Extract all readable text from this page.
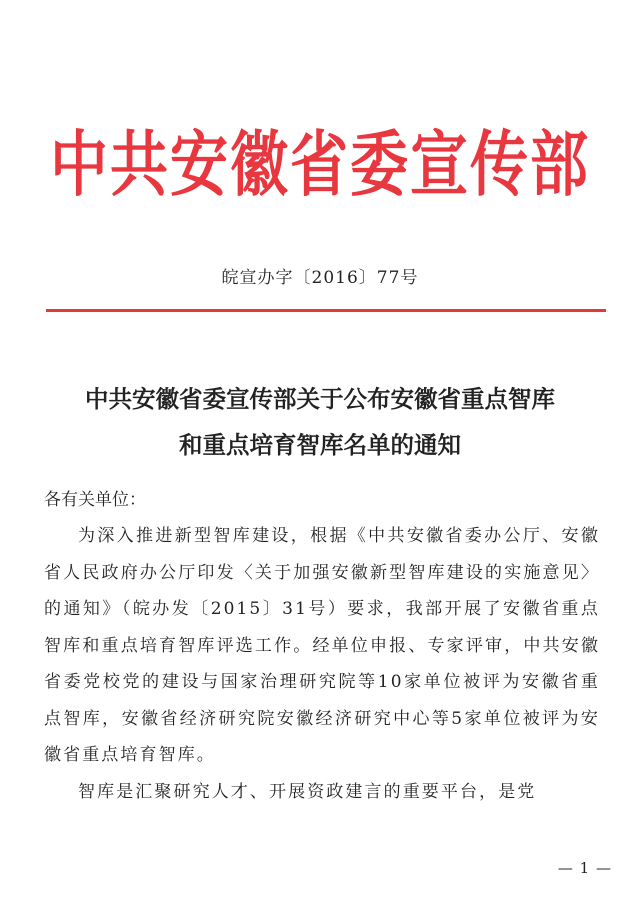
中共安徽省委宣传部
皖宣办字〔2016〕77号
中共安徽省委宣传部关于公布安徽省重点智库
和重点培育智库名单的通知
各有关单位：

为深入推进新型智库建设，根据《中共安徽省委办公厅、安徽省人民政府办公厅印发〈关于加强安徽新型智库建设的实施意见〉的通知》（皖办发〔2015〕31号）要求，我部开展了安徽省重点智库和重点培育智库评选工作。经单位申报、专家评审，中共安徽省委党校党的建设与国家治理研究院等10家单位被评为安徽省重点智库，安徽省经济研究院安徽经济研究中心等5家单位被评为安徽省重点培育智库。

智库是汇聚研究人才、开展资政建言的重要平台，是党

— 1 —
